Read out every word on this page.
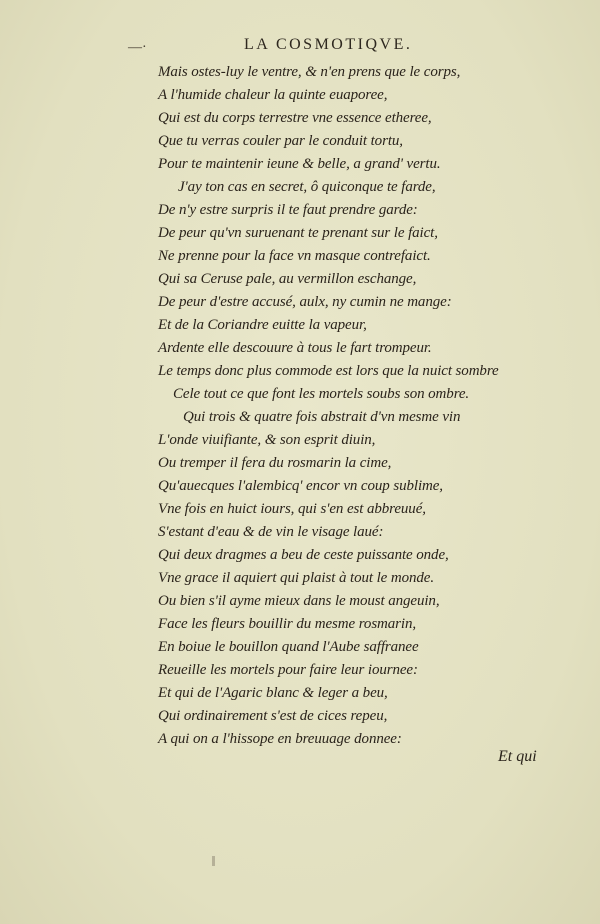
—·	LA COSMOTIQVE.
Mais ostes-luy le ventre, & n'en prens que le corps,
A l'humide chaleur la quinte euaporee,
Qui est du corps terrestre vne essence etheree,
Que tu verras couler par le conduit tortu,
Pour te maintenir ieune & belle, a grand' vertu.
J'ay ton cas en secret, ô quiconque te farde,
De n'y estre surpris il te faut prendre garde:
De peur qu'vn suruenant te prenant sur le faict,
Ne prenne pour la face vn masque contrefaict.
Qui sa Ceruse pale, au vermillon eschange,
De peur d'estre accusé, aulx, ny cumin ne mange:
Et de la Coriandre euitte la vapeur,
Ardente elle descouure à tous le fart trompeur.
Le temps donc plus commode est lors que la nuict sombre
Cele tout ce que font les mortels soubs son ombre.
Qui trois & quatre fois abstrait d'vn mesme vin
L'onde viuifiante, & son esprit diuin,
Ou tremper il fera du rosmarin la cime,
Qu'auecques l'alembicq' encor vn coup sublime,
Vne fois en huict iours, qui s'en est abbreuué,
S'estant d'eau & de vin le visage laué:
Qui deux dragmes a beu de ceste puissante onde,
Vne grace il aquiert qui plaist à tout le monde.
Ou bien s'il ayme mieux dans le moust angeuin,
Face les fleurs bouillir du mesme rosmarin,
En boiue le bouillon quand l'Aube saffranee
Reueille les mortels pour faire leur iournee:
Et qui de l'Agaric blanc & leger a beu,
Qui ordinairement s'est de cices repeu,
A qui on a l'hissope en breuuage donnee:
Et qui
